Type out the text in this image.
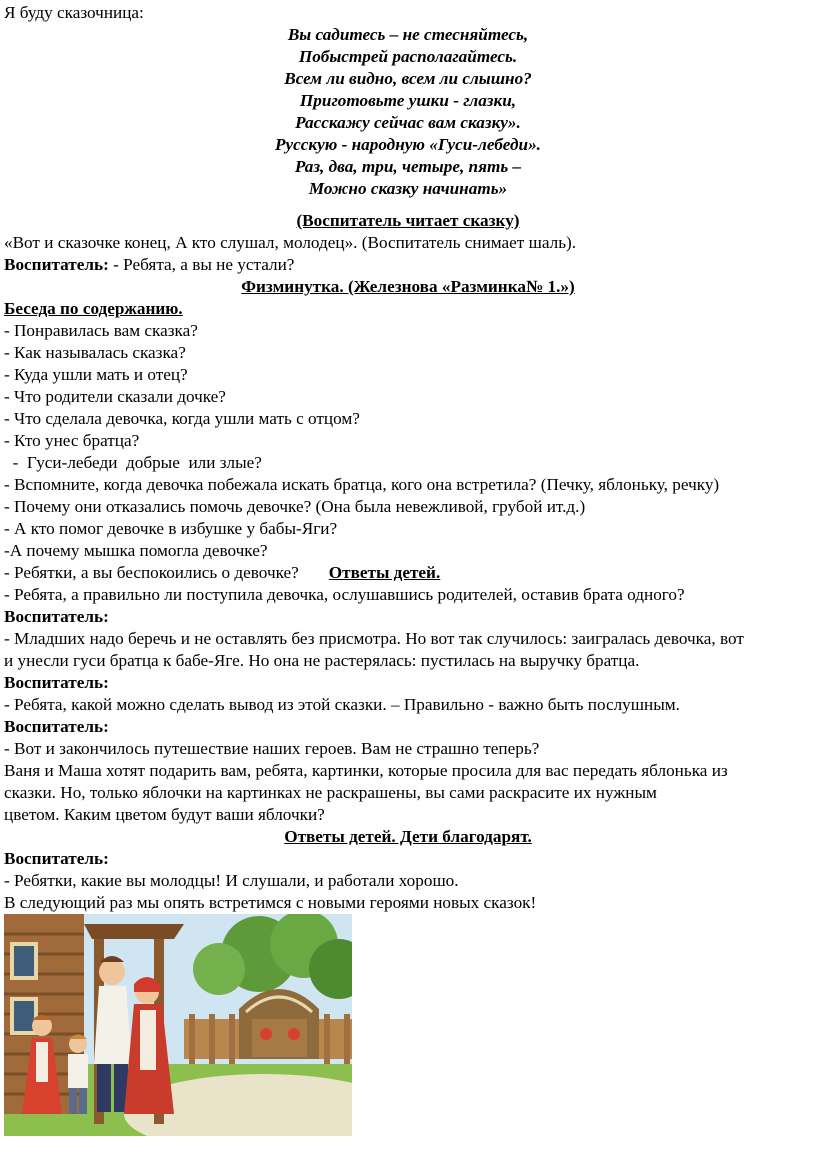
Я буду сказочница:
Вы садитесь – не стесняйтесь,
Побыстрей располагайтесь.
Всем ли видно, всем ли слышно?
Приготовьте ушки - глазки,
Расскажу сейчас вам сказку».
Русскую - народную «Гуси-лебеди».
Раз, два, три, четыре, пять –
Можно сказку начинать»
(Воспитатель читает сказку)
«Вот и сказочке конец, А кто слушал, молодец». (Воспитатель снимает шаль).
Воспитатель: - Ребята, а вы не устали?
Физминутка. (Железнова «Разминка№ 1.»)
Беседа по содержанию.
- Понравилась вам сказка?
- Как называлась сказка?
- Куда ушли мать и отец?
- Что родители сказали дочке?
- Что сделала девочка, когда ушли мать с отцом?
- Кто унес братца?
-  Гуси-лебеди  добрые  или злые?
- Вспомните, когда девочка побежала искать братца, кого она встретила? (Печку, яблоньку, речку)
- Почему они отказались помочь девочке? (Она была невежливой, грубой ит.д.)
- А кто помог девочке в избушке у бабы-Яги?
-А почему мышка помогла девочке?
- Ребятки, а вы беспокоились о девочке? Ответы детей.
- Ребята, а правильно ли поступила девочка, ослушавшись родителей, оставив брата одного?
Воспитатель:
- Младших надо беречь и не оставлять без присмотра. Но вот так случилось: заигралась девочка, вот
и унесли гуси братца к бабе-Яге. Но она не растерялась: пустилась на выручку братца.
Воспитатель:
- Ребята, какой можно сделать вывод из этой сказки. – Правильно - важно быть послушным.
Воспитатель:
- Вот и закончилось путешествие наших героев. Вам не страшно теперь?
Ваня и Маша хотят подарить вам, ребята, картинки, которые просила для вас передать яблонька из
сказки. Но, только яблочки на картинках не раскрашены, вы сами раскрасите их нужным
цветом. Каким цветом будут ваши яблочки?
Ответы детей. Дети благодарят.
Воспитатель:
- Ребятки, какие вы молодцы! И слушали, и работали хорошо.
В следующий раз мы опять встретимся с новыми героями новых сказок!
